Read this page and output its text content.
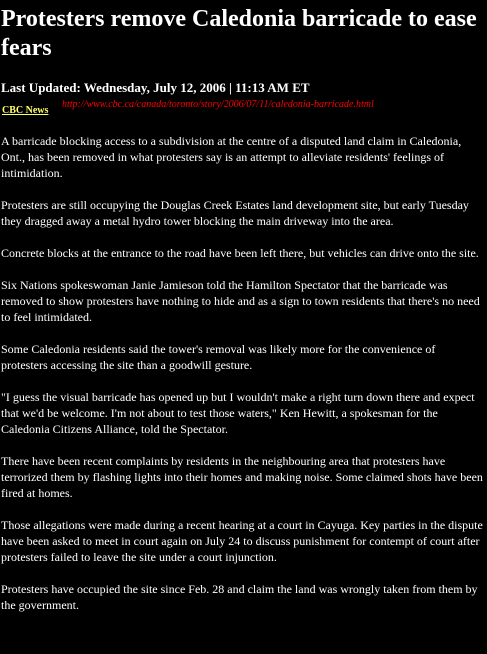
Protesters remove Caledonia barricade to ease fears
Last Updated: Wednesday, July 12, 2006 | 11:13 AM ET
CBC News
http://www.cbc.ca/canada/toronto/story/2006/07/11/caledonia-barricade.html

A barricade blocking access to a subdivision at the centre of a disputed land claim in Caledonia, Ont., has been removed in what protesters say is an attempt to alleviate residents' feelings of intimidation.

Protesters are still occupying the Douglas Creek Estates land development site, but early Tuesday they dragged away a metal hydro tower blocking the main driveway into the area.

Concrete blocks at the entrance to the road have been left there, but vehicles can drive onto the site.

Six Nations spokeswoman Janie Jamieson told the Hamilton Spectator that the barricade was removed to show protesters have nothing to hide and as a sign to town residents that there's no need to feel intimidated.

Some Caledonia residents said the tower's removal was likely more for the convenience of protesters accessing the site than a goodwill gesture.

"I guess the visual barricade has opened up but I wouldn't make a right turn down there and expect that we'd be welcome. I'm not about to test those waters," Ken Hewitt, a spokesman for the Caledonia Citizens Alliance, told the Spectator.

There have been recent complaints by residents in the neighbouring area that protesters have terrorized them by flashing lights into their homes and making noise. Some claimed shots have been fired at homes.

Those allegations were made during a recent hearing at a court in Cayuga. Key parties in the dispute have been asked to meet in court again on July 24 to discuss punishment for contempt of court after protesters failed to leave the site under a court injunction.

Protesters have occupied the site since Feb. 28 and claim the land was wrongly taken from them by the government.
